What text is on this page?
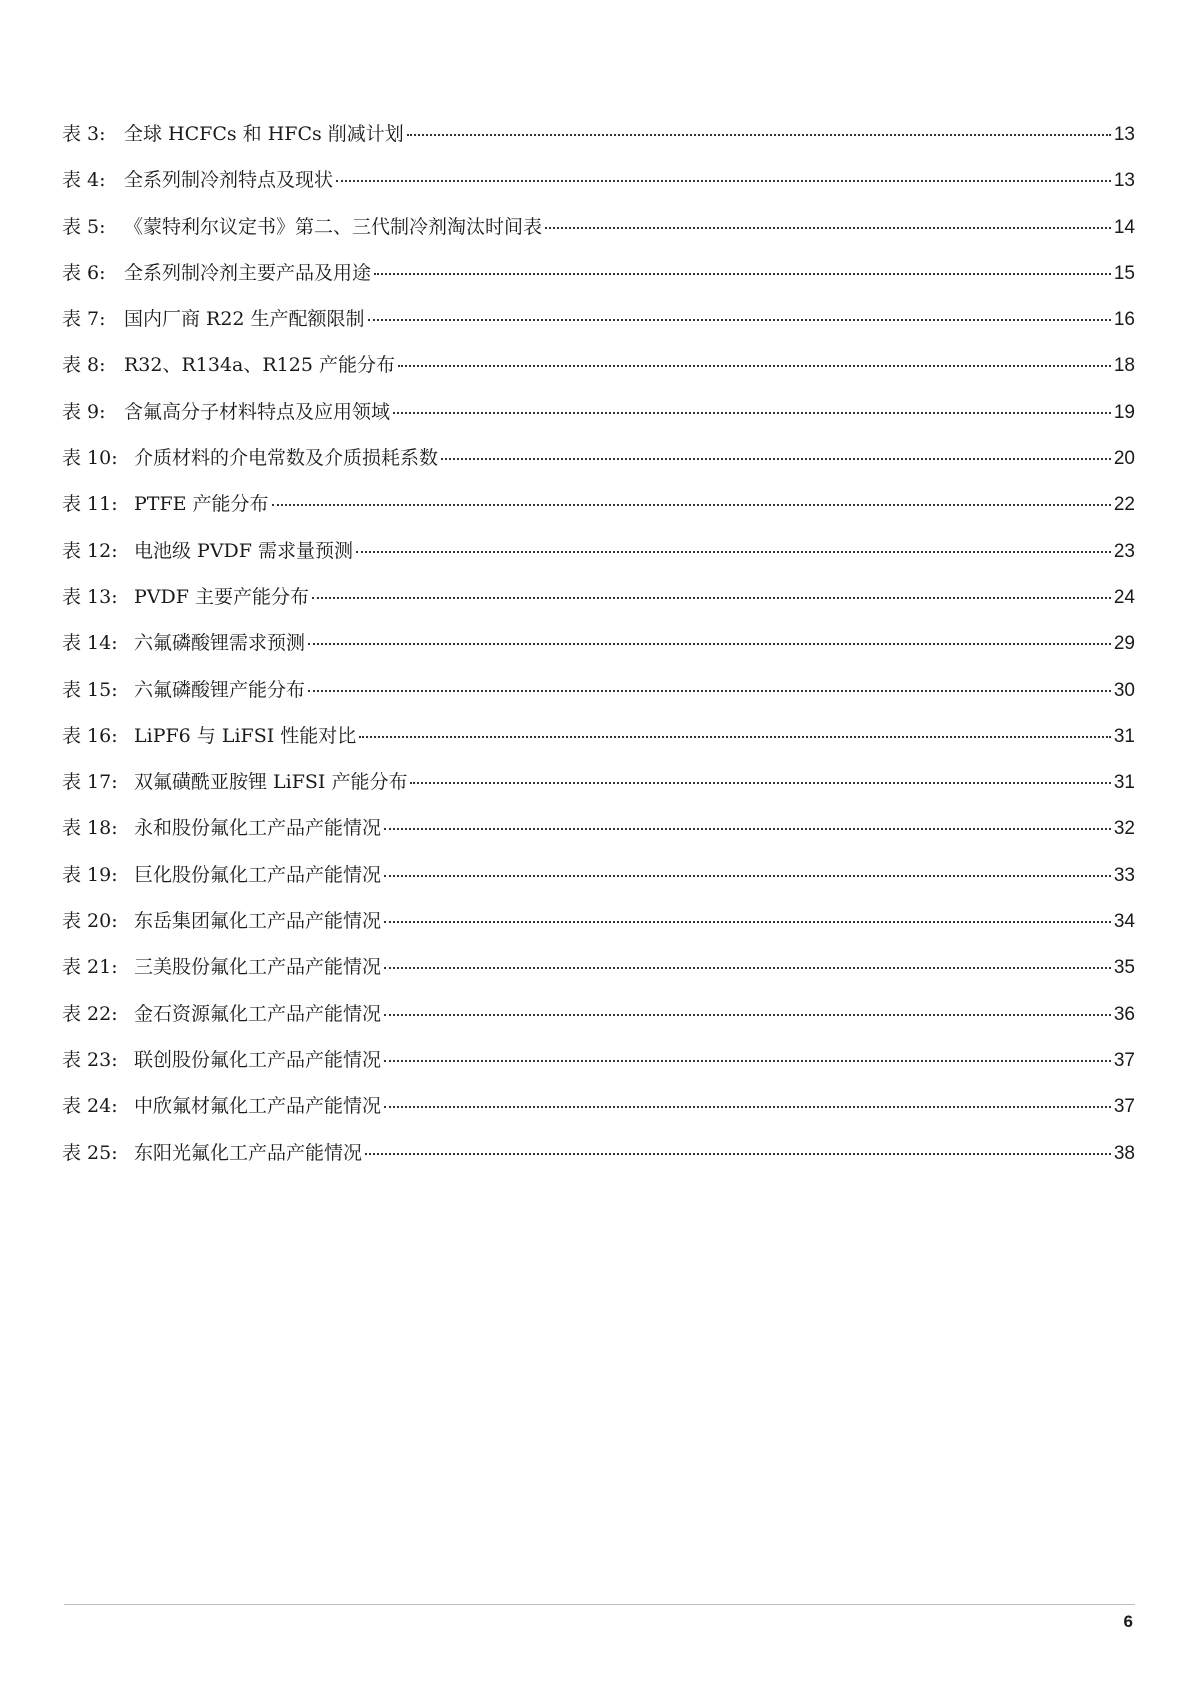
表 3: 全球 HCFCs 和 HFCs 削减计划	13
表 4: 全系列制冷剂特点及现状	13
表 5: 《蒙特利尔议定书》第二、三代制冷剂淘汰时间表	14
表 6: 全系列制冷剂主要产品及用途	15
表 7: 国内厂商 R22 生产配额限制	16
表 8: R32、R134a、R125 产能分布	18
表 9: 含氟高分子材料特点及应用领域	19
表 10: 介质材料的介电常数及介质损耗系数	20
表 11: PTFE 产能分布	22
表 12: 电池级 PVDF 需求量预测	23
表 13: PVDF 主要产能分布	24
表 14: 六氟磷酸锂需求预测	29
表 15: 六氟磷酸锂产能分布	30
表 16: LiPF6 与 LiFSI 性能对比	31
表 17: 双氟磺酰亚胺锂 LiFSI 产能分布	31
表 18: 永和股份氟化工产品产能情况	32
表 19: 巨化股份氟化工产品产能情况	33
表 20: 东岳集团氟化工产品产能情况	34
表 21: 三美股份氟化工产品产能情况	35
表 22: 金石资源氟化工产品产能情况	36
表 23: 联创股份氟化工产品产能情况	37
表 24: 中欣氟材氟化工产品产能情况	37
表 25: 东阳光氟化工产品产能情况	38
6
